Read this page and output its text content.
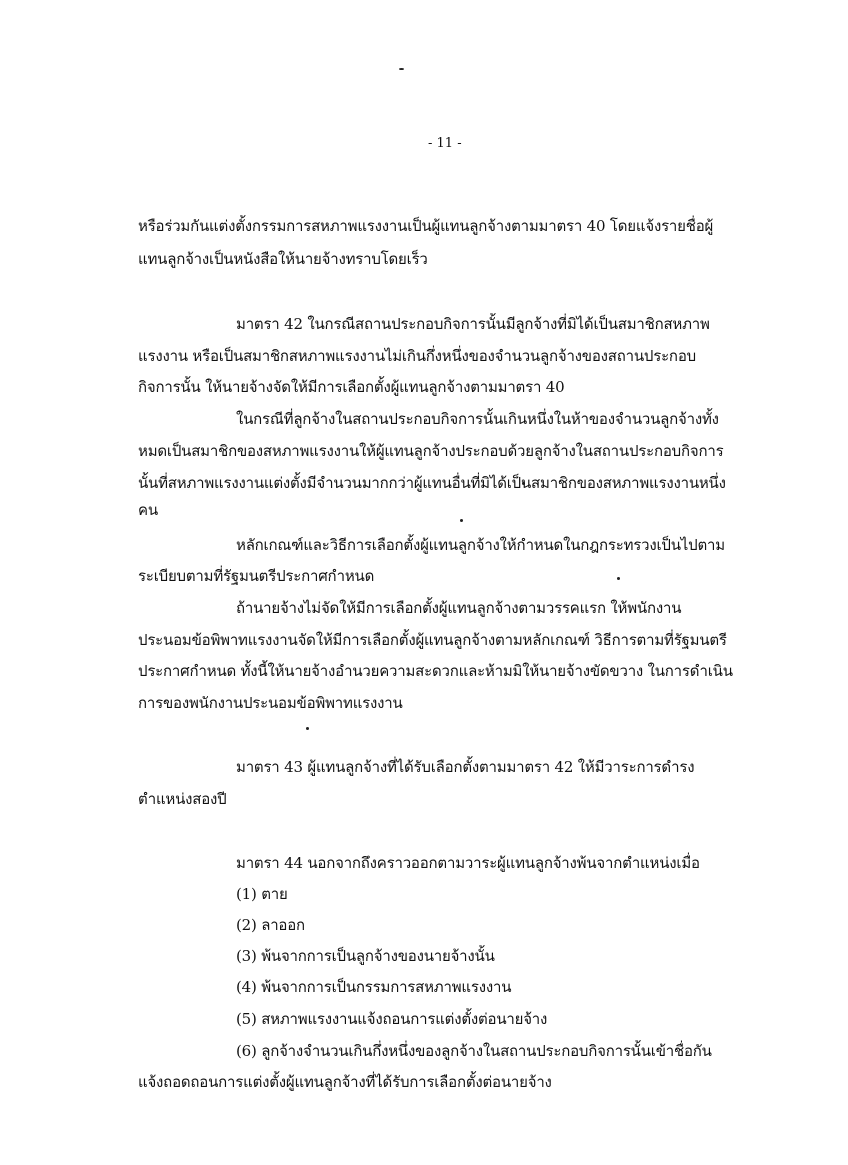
- 11 -
หรือร่วมกันแต่งตั้งกรรมการสหภาพแรงงานเป็นผู้แทนลูกจ้างตามมาตรา 40 โดยแจ้งรายชื่อผู้
แทนลูกจ้างเป็นหนังสือให้นายจ้างทราบโดยเร็ว
มาตรา 42 ในกรณีสถานประกอบกิจการนั้นมีลูกจ้างที่มิได้เป็นสมาชิกสหภาพ
แรงงาน หรือเป็นสมาชิกสหภาพแรงงานไม่เกินกึ่งหนึ่งของจำนวนลูกจ้างของสถานประกอบ
กิจการนั้น ให้นายจ้างจัดให้มีการเลือกตั้งผู้แทนลูกจ้างตามมาตรา 40
ในกรณีที่ลูกจ้างในสถานประกอบกิจการนั้นเกินหนึ่งในห้าของจำนวนลูกจ้างทั้ง
หมดเป็นสมาชิกของสหภาพแรงงานให้ผู้แทนลูกจ้างประกอบด้วยลูกจ้างในสถานประกอบกิจการ
นั้นที่สหภาพแรงงานแต่งตั้งมีจำนวนมากกว่าผู้แทนอื่นที่มิได้เป็นสมาชิกของสหภาพแรงงานหนึ่ง
คน
หลักเกณฑ์และวิธีการเลือกตั้งผู้แทนลูกจ้างให้กำหนดในกฎกระทรวงเป็นไปตาม
ระเบียบตามที่รัฐมนตรีประกาศกำหนด
ถ้านายจ้างไม่จัดให้มีการเลือกตั้งผู้แทนลูกจ้างตามวรรคแรก ให้พนักงาน
ประนอมข้อพิพาทแรงงานจัดให้มีการเลือกตั้งผู้แทนลูกจ้างตามหลักเกณฑ์ วิธีการตามที่รัฐมนตรี
ประกาศกำหนด ทั้งนี้ให้นายจ้างอำนวยความสะดวกและห้ามมิให้นายจ้างขัดขวาง ในการดำเนิน
การของพนักงานประนอมข้อพิพาทแรงงาน
มาตรา 43 ผู้แทนลูกจ้างที่ได้รับเลือกตั้งตามมาตรา 42 ให้มีวาระการดำรง
ตำแหน่งสองปี
มาตรา 44 นอกจากถึงคราวออกตามวาระผู้แทนลูกจ้างพ้นจากตำแหน่งเมื่อ
(1) ตาย
(2) ลาออก
(3) พ้นจากการเป็นลูกจ้างของนายจ้างนั้น
(4) พ้นจากการเป็นกรรมการสหภาพแรงงาน
(5) สหภาพแรงงานแจ้งถอนการแต่งตั้งต่อนายจ้าง
(6) ลูกจ้างจำนวนเกินกึ่งหนึ่งของลูกจ้างในสถานประกอบกิจการนั้นเข้าชื่อกัน
แจ้งถอดถอนการแต่งตั้งผู้แทนลูกจ้างที่ได้รับการเลือกตั้งต่อนายจ้าง
